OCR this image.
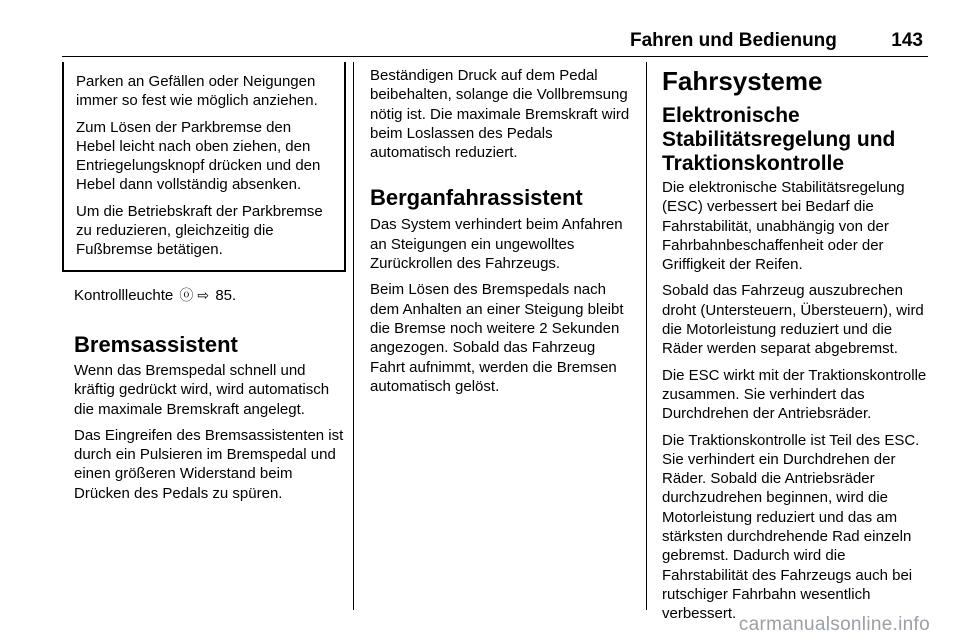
Fahren und Bedienung	143

Parken an Gefällen oder Neigungen immer so fest wie möglich anziehen.

Zum Lösen der Parkbremse den Hebel leicht nach oben ziehen, den Entriegelungsknopf drücken und den Hebel dann vollständig absenken.

Um die Betriebskraft der Parkbremse zu reduzieren, gleichzeitig die Fußbremse betätigen.

Kontrollleuchte ⓞ ⇨ 85.

Bremsassistent

Wenn das Bremspedal schnell und kräftig gedrückt wird, wird automatisch die maximale Bremskraft angelegt.

Das Eingreifen des Bremsassistenten ist durch ein Pulsieren im Bremspedal und einen größeren Widerstand beim Drücken des Pedals zu spüren.

Beständigen Druck auf dem Pedal beibehalten, solange die Vollbremsung nötig ist. Die maximale Bremskraft wird beim Loslassen des Pedals automatisch reduziert.

Berganfahrassistent

Das System verhindert beim Anfahren an Steigungen ein ungewolltes Zurückrollen des Fahrzeugs.

Beim Lösen des Bremspedals nach dem Anhalten an einer Steigung bleibt die Bremse noch weitere 2 Sekunden angezogen. Sobald das Fahrzeug Fahrt aufnimmt, werden die Bremsen automatisch gelöst.

Fahrsysteme
Elektronische Stabilitätsregelung und Traktionskontrolle

Die elektronische Stabilitätsregelung (ESC) verbessert bei Bedarf die Fahrstabilität, unabhängig von der Fahrbahnbeschaffenheit oder der Griffigkeit der Reifen.

Sobald das Fahrzeug auszubrechen droht (Untersteuern, Übersteuern), wird die Motorleistung reduziert und die Räder werden separat abgebremst.

Die ESC wirkt mit der Traktionskontrolle zusammen. Sie verhindert das Durchdrehen der Antriebsräder.

Die Traktionskontrolle ist Teil des ESC. Sie verhindert ein Durchdrehen der Räder. Sobald die Antriebsräder durchzudrehen beginnen, wird die Motorleistung reduziert und das am stärksten durchdrehende Rad einzeln gebremst. Dadurch wird die Fahrstabilität des Fahrzeugs auch bei rutschiger Fahrbahn wesentlich verbessert.

carmanualsonline.info
